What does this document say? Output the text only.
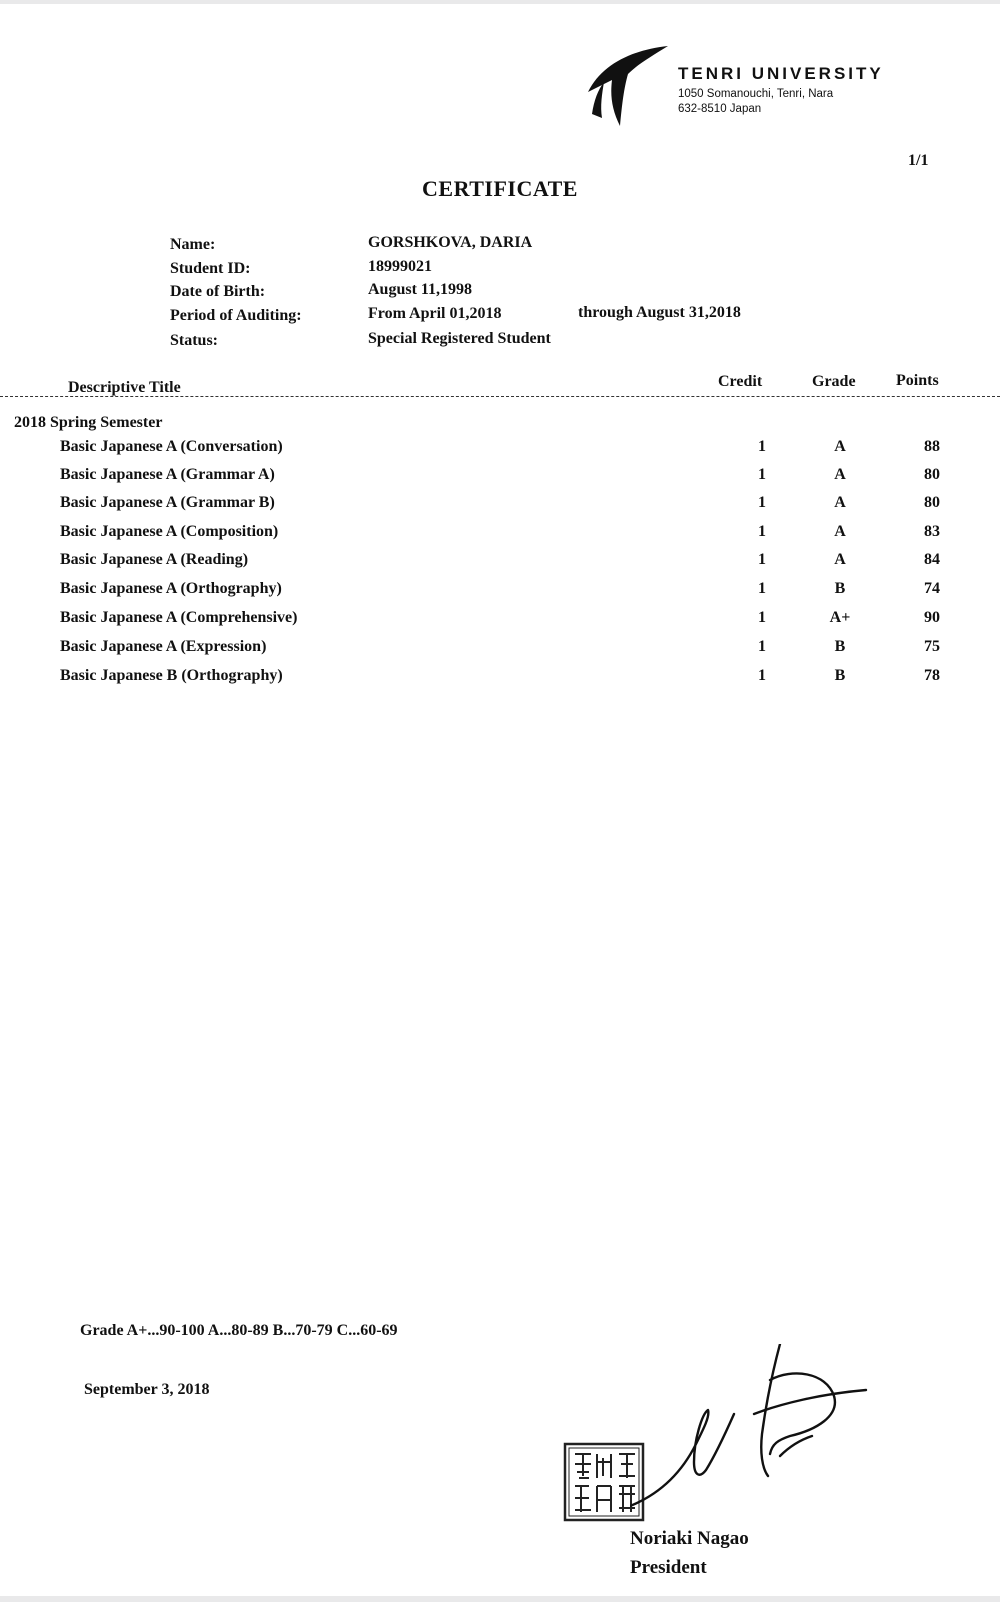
TENRI UNIVERSITY
1050 Somanouchi, Tenri, Nara
632-8510 Japan
1/1
CERTIFICATE
Name:	GORSHKOVA, DARIA
Student ID:	18999021
Date of Birth:	August 11,1998
Period of Auditing:	From April 01,2018	through August 31,2018
Status:	Special Registered Student
Descriptive Title	Credit	Grade	Points
2018 Spring Semester
Basic Japanese A (Conversation)	1	A	88
Basic Japanese A (Grammar A)	1	A	80
Basic Japanese A (Grammar B)	1	A	80
Basic Japanese A (Composition)	1	A	83
Basic Japanese A (Reading)	1	A	84
Basic Japanese A (Orthography)	1	B	74
Basic Japanese A (Comprehensive)	1	A+	90
Basic Japanese A (Expression)	1	B	75
Basic Japanese B (Orthography)	1	B	78
Grade A+...90-100 A...80-89 B...70-79 C...60-69
September 3, 2018
Noriaki Nagao
President
